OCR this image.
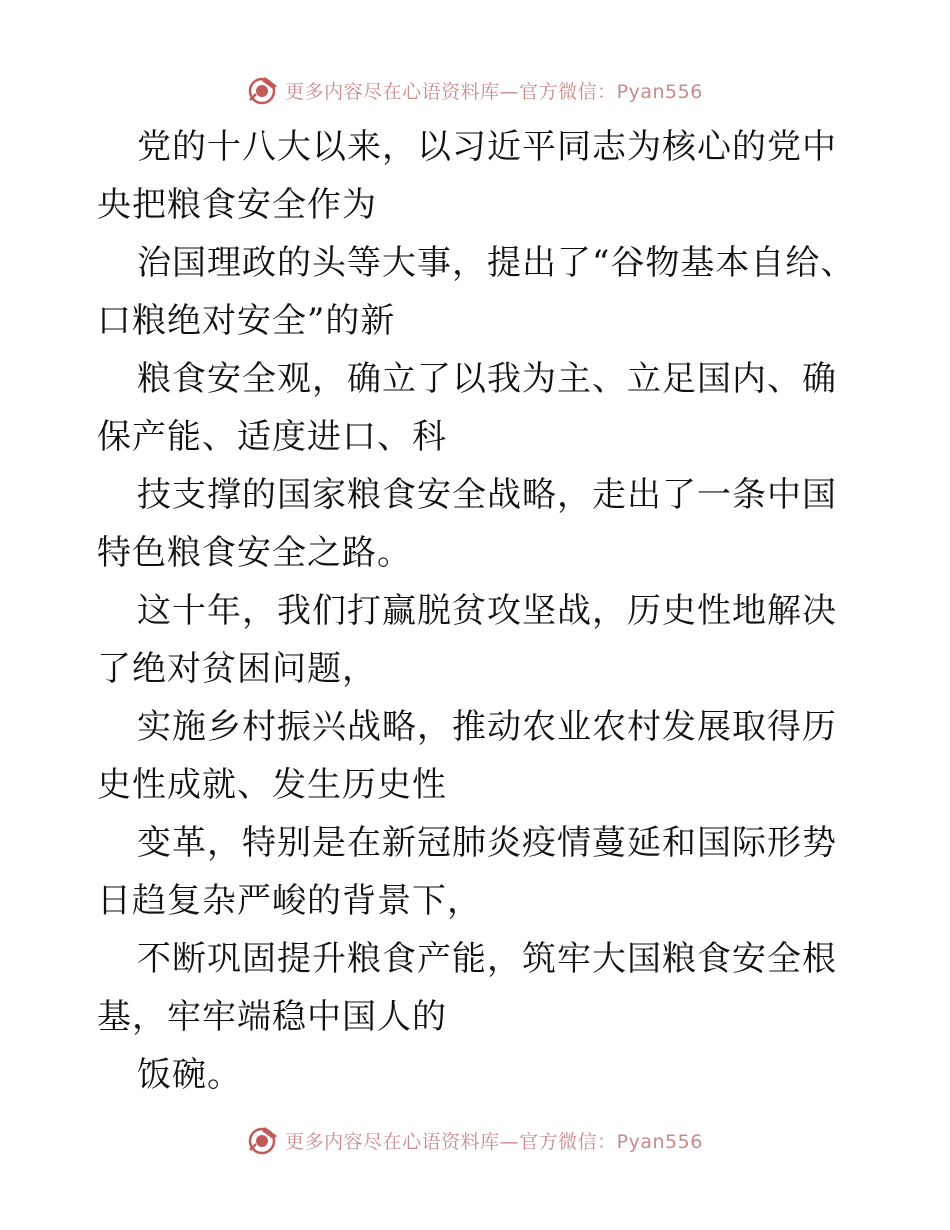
更多内容尽在心语资料库—官方微信：Pyan556

党的十八大以来，以习近平同志为核心的党中央把粮食安全作为

治国理政的头等大事，提出了“谷物基本自给、口粮绝对安全”的新

粮食安全观，确立了以我为主、立足国内、确保产能、适度进口、科

技支撑的国家粮食安全战略，走出了一条中国特色粮食安全之路。

这十年，我们打赢脱贫攻坚战，历史性地解决了绝对贫困问题，

实施乡村振兴战略，推动农业农村发展取得历史性成就、发生历史性

变革，特别是在新冠肺炎疫情蔓延和国际形势日趋复杂严峻的背景下，

不断巩固提升粮食产能，筑牢大国粮食安全根基，牢牢端稳中国人的

饭碗。

更多内容尽在心语资料库—官方微信：Pyan556
